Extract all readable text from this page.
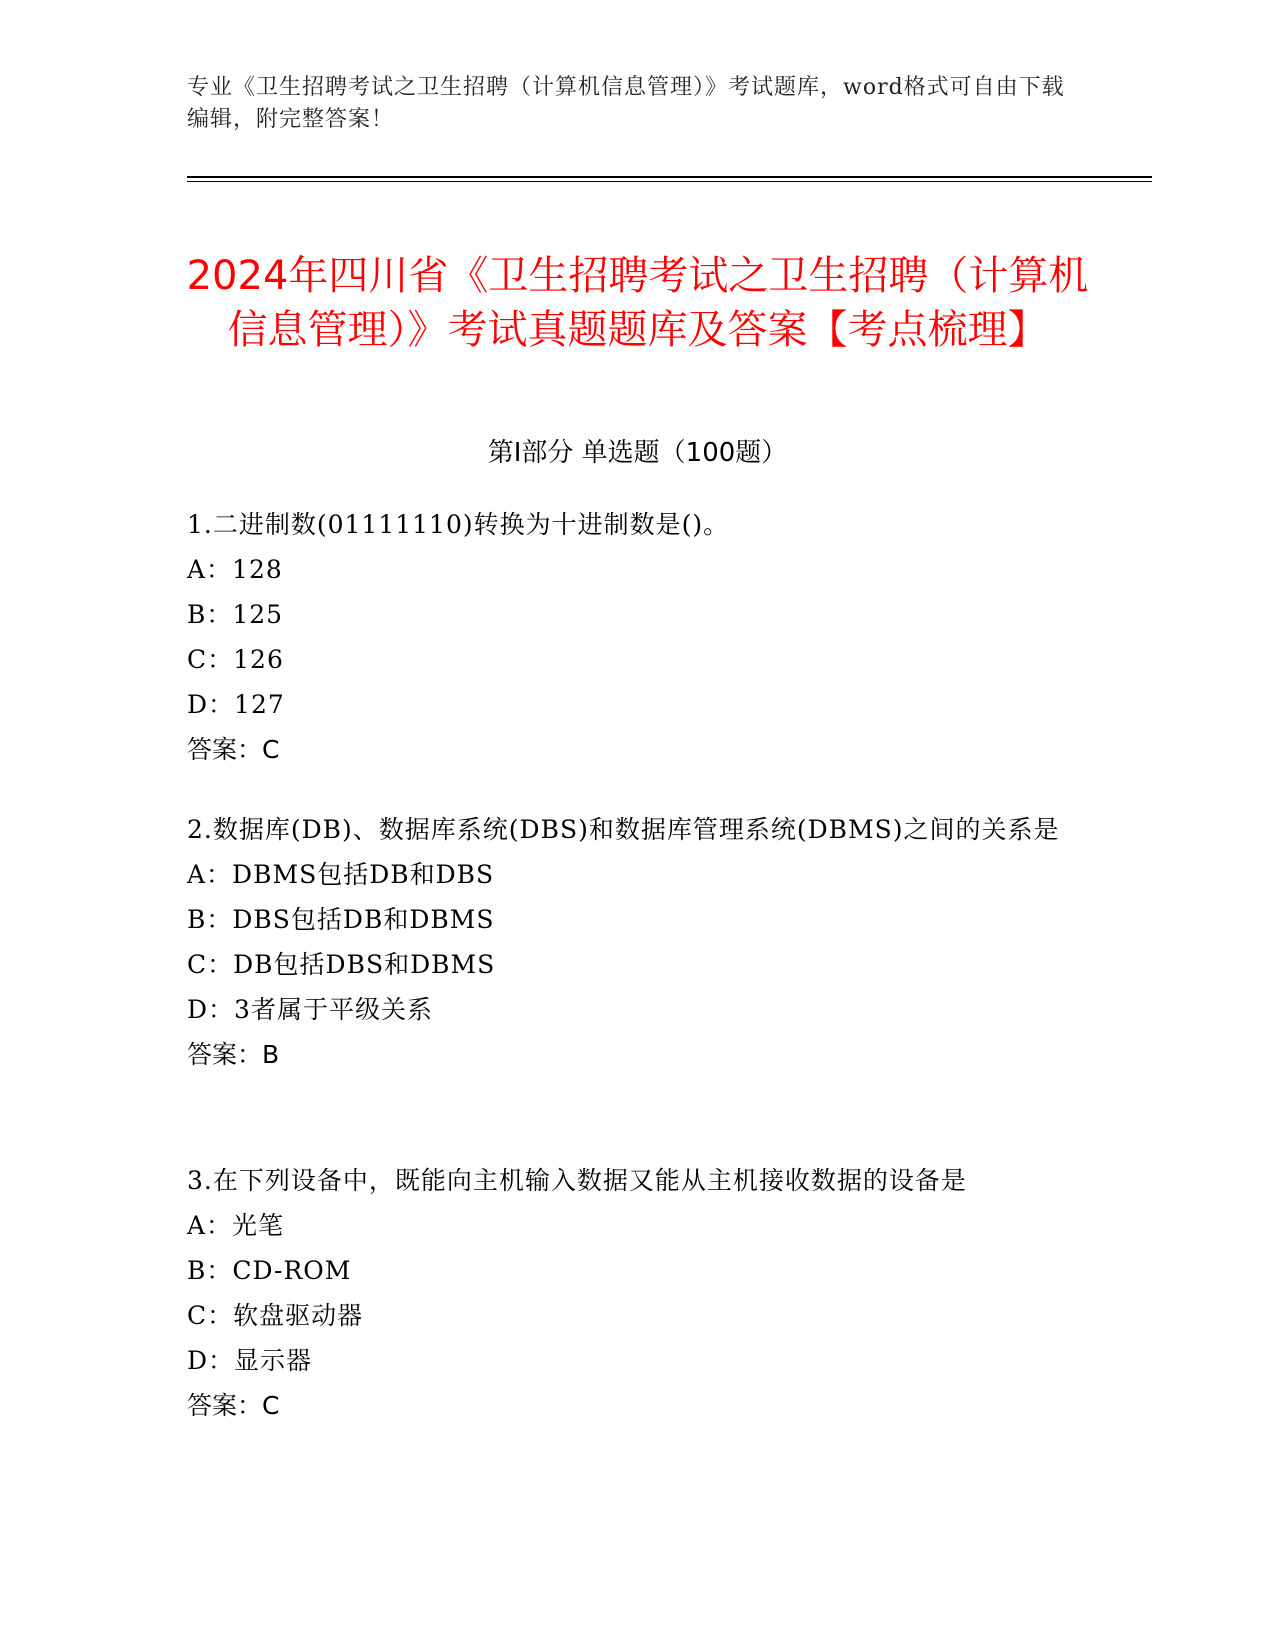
专业《卫生招聘考试之卫生招聘（计算机信息管理）》考试题库，word格式可自由下载编辑，附完整答案！
2024年四川省《卫生招聘考试之卫生招聘（计算机信息管理）》考试真题题库及答案【考点梳理】
第I部分 单选题（100题）

1.二进制数(01111110)转换为十进制数是()。

A：128

B：125

C：126

D：127

答案：C

2.数据库(DB)、数据库系统(DBS)和数据库管理系统(DBMS)之间的关系是

A：DBMS包括DB和DBS

B：DBS包括DB和DBMS

C：DB包括DBS和DBMS

D：3者属于平级关系

答案：B

3.在下列设备中，既能向主机输入数据又能从主机接收数据的设备是

A：光笔

B：CD-ROM

C：软盘驱动器

D：显示器

答案：C
